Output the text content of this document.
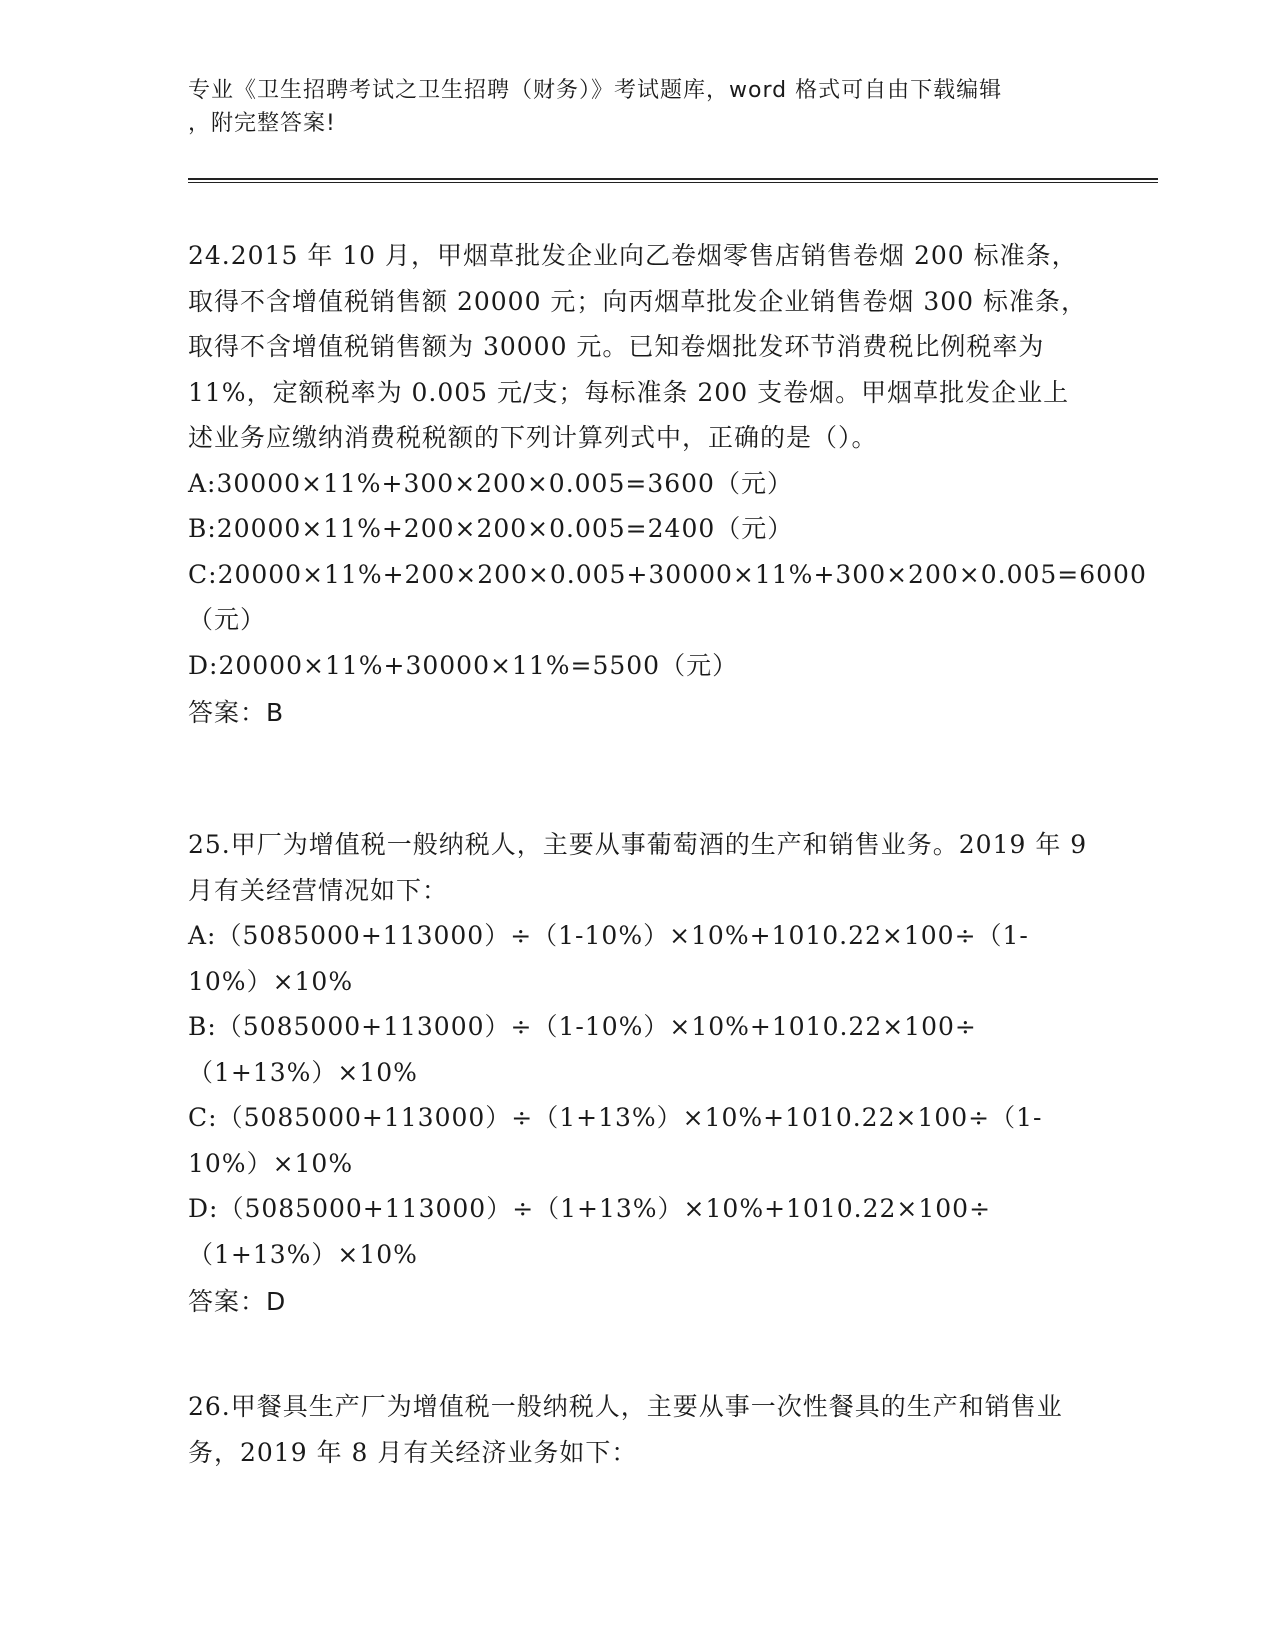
专业《卫生招聘考试之卫生招聘（财务）》考试题库，word 格式可自由下载编辑
，附完整答案!

24.2015 年 10 月，甲烟草批发企业向乙卷烟零售店销售卷烟 200 标准条，取得不含增值税销售额 20000 元；向丙烟草批发企业销售卷烟 300 标准条，取得不含增值税销售额为 30000 元。已知卷烟批发环节消费税比例税率为 11%，定额税率为 0.005 元/支；每标准条 200 支卷烟。甲烟草批发企业上述业务应缴纳消费税税额的下列计算列式中，正确的是（）。

A: 30000×11%+300×200×0.005=3600（元）

B: 20000×11%+200×200×0.005=2400（元）

C:20000×11%+200×200×0.005+30000×11%+300×200×0.005=6000（元）

D: 20000×11%+30000×11%=5500（元）

答案：B

25.甲厂为增值税一般纳税人，主要从事葡萄酒的生产和销售业务。2019 年 9 月有关经营情况如下：

A:（5085000+113000）÷（1-10%）×10%+1010.22×100÷（1-10%）×10%

B:（5085000+113000）÷（1-10%）×10%+1010.22×100÷（1+13%）×10%

C:（5085000+113000）÷（1+13%）×10%+1010.22×100÷（1-10%）×10%

D:（5085000+113000）÷（1+13%）×10%+1010.22×100÷（1+13%）×10%

答案：D

26.甲餐具生产厂为增值税一般纳税人，主要从事一次性餐具的生产和销售业务，2019 年 8 月有关经济业务如下：
